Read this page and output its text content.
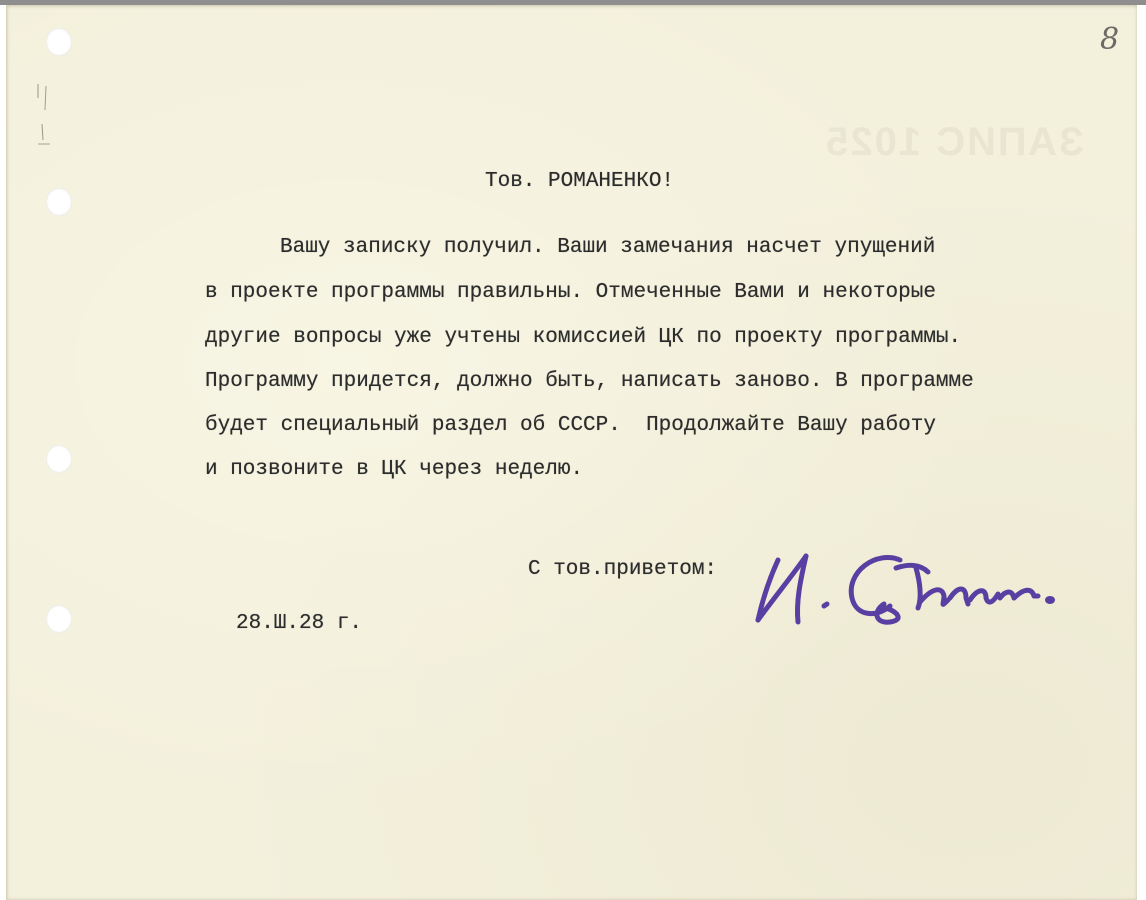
ЗАПИС 1025
8
Тов. РОМАНЕНКО!
Вашу записку получил. Ваши замечания насчет упущений
в проекте программы правильны. Отмеченные Вами и некоторые
другие вопросы уже учтены комиссией ЦК по проекту программы.
Программу придется, должно быть, написать заново. В программе
будет специальный раздел об СССР.  Продолжайте Вашу работу
и позвоните в ЦК через неделю.
С тов.приветом:
28.Ш.28 г.
